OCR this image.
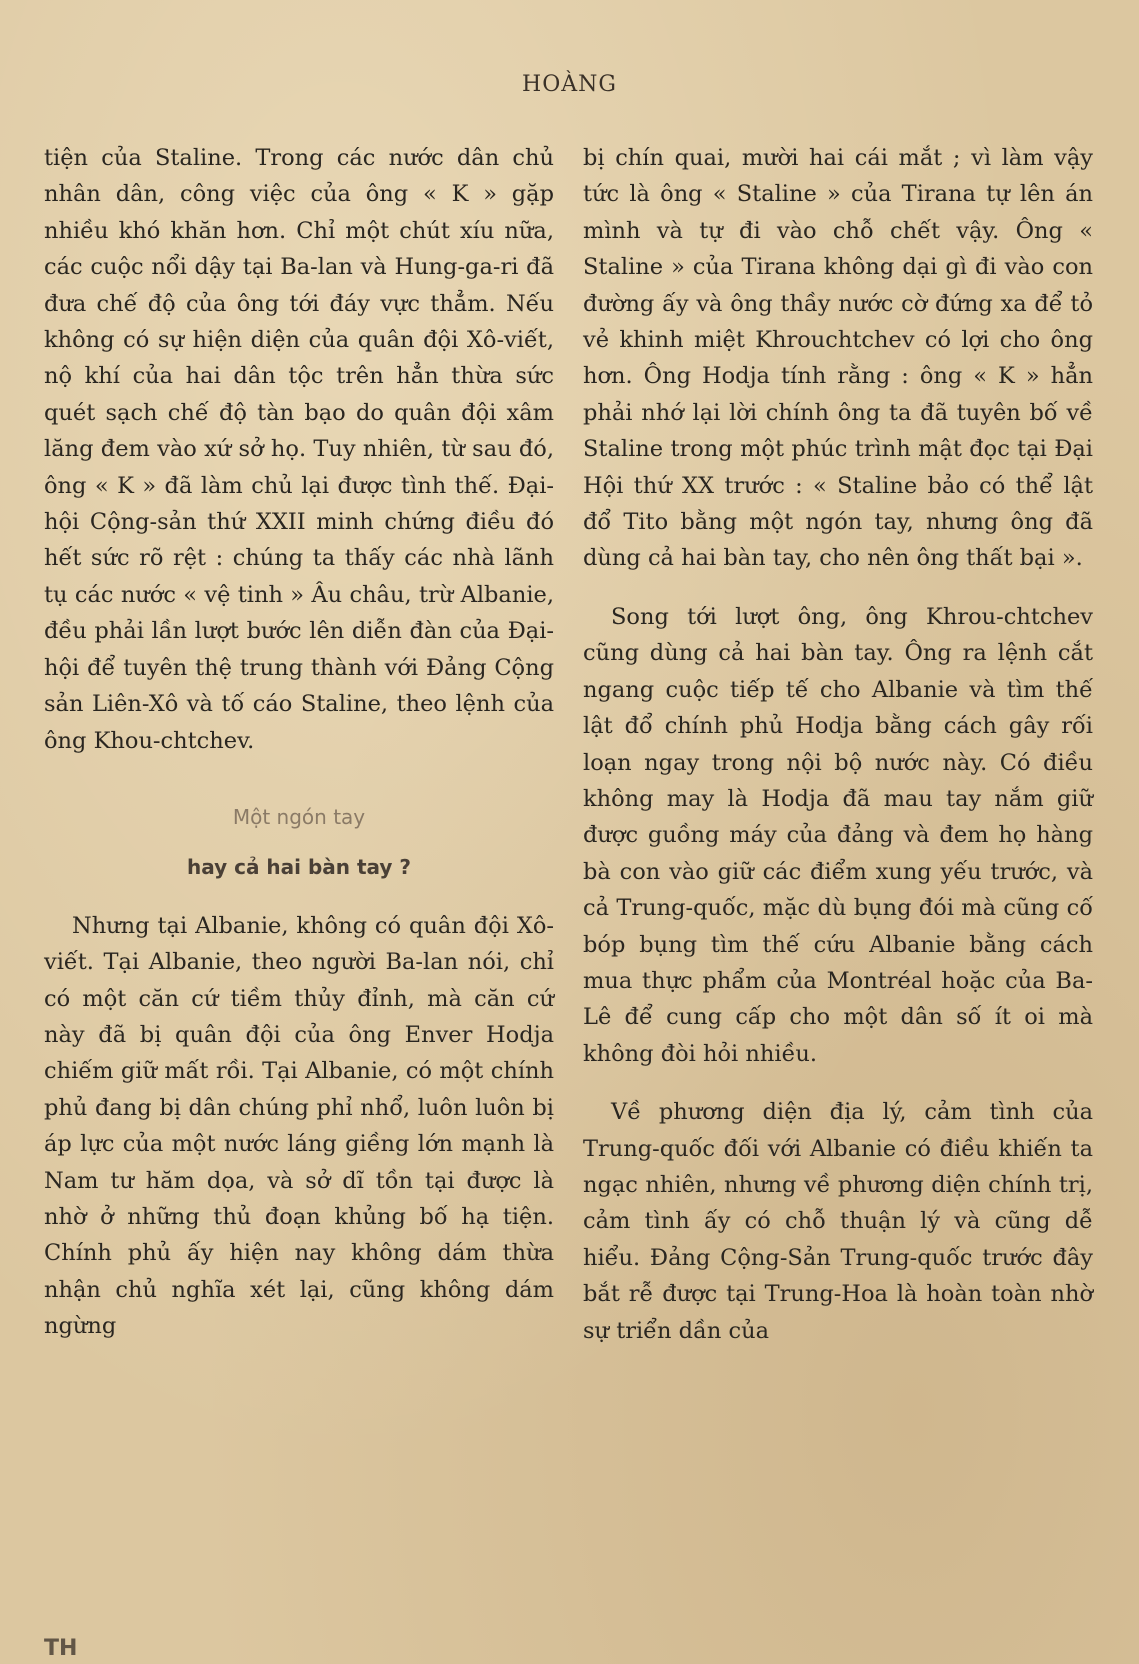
HOÀNG

tiện của Staline. Trong các nước dân chủ nhân dân, công việc của ông « K » gặp nhiều khó khăn hơn. Chỉ một chút xíu nữa, các cuộc nổi dậy tại Ba-lan và Hung-ga-ri đã đưa chế độ của ông tới đáy vực thẳm. Nếu không có sự hiện diện của quân đội Xô-viết, nộ khí của hai dân tộc trên hẳn thừa sức quét sạch chế độ tàn bạo do quân đội xâm lăng đem vào xứ sở họ. Tuy nhiên, từ sau đó, ông « K » đã làm chủ lại được tình thế. Đại-hội Cộng-sản thứ XXII minh chứng điều đó hết sức rõ rệt : chúng ta thấy các nhà lãnh tụ các nước « vệ tinh » Âu châu, trừ Albanie, đều phải lần lượt bước lên diễn đàn của Đại-hội để tuyên thệ trung thành với Đảng Cộng sản Liên-Xô và tố cáo Staline, theo lệnh của ông Khou-chtchev.

Một ngón tay

hay cả hai bàn tay ?

Nhưng tại Albanie, không có quân đội Xô-viết. Tại Albanie, theo người Ba-lan nói, chỉ có một căn cứ tiềm thủy đỉnh, mà căn cứ này đã bị quân đội của ông Enver Hodja chiếm giữ mất rồi. Tại Albanie, có một chính phủ đang bị dân chúng phỉ nhổ, luôn luôn bị áp lực của một nước láng giềng lớn mạnh là Nam tư hăm dọa, và sở dĩ tồn tại được là nhờ ở những thủ đoạn khủng bố hạ tiện. Chính phủ ấy hiện nay không dám thừa nhận chủ nghĩa xét lại, cũng không dám ngừng

bị chín quai, mười hai cái mắt ; vì làm vậy tức là ông « Staline » của Tirana tự lên án mình và tự đi vào chỗ chết vậy. Ông « Staline » của Tirana không dại gì đi vào con đường ấy và ông thầy nước cờ đứng xa để tỏ vẻ khinh miệt Khrouchtchev có lợi cho ông hơn. Ông Hodja tính rằng : ông « K » hẳn phải nhớ lại lời chính ông ta đã tuyên bố về Staline trong một phúc trình mật đọc tại Đại Hội thứ XX trước : « Staline bảo có thể lật đổ Tito bằng một ngón tay, nhưng ông đã dùng cả hai bàn tay, cho nên ông thất bại ».

Song tới lượt ông, ông Khrou-chtchev cũng dùng cả hai bàn tay. Ông ra lệnh cắt ngang cuộc tiếp tế cho Albanie và tìm thế lật đổ chính phủ Hodja bằng cách gây rối loạn ngay trong nội bộ nước này. Có điều không may là Hodja đã mau tay nắm giữ được guồng máy của đảng và đem họ hàng bà con vào giữ các điểm xung yếu trước, và cả Trung-quốc, mặc dù bụng đói mà cũng cố bóp bụng tìm thế cứu Albanie bằng cách mua thực phẩm của Montréal hoặc của Ba-Lê để cung cấp cho một dân số ít oi mà không đòi hỏi nhiều.

Về phương diện địa lý, cảm tình của Trung-quốc đối với Albanie có điều khiến ta ngạc nhiên, nhưng về phương diện chính trị, cảm tình ấy có chỗ thuận lý và cũng dễ hiểu. Đảng Cộng-Sản Trung-quốc trước đây bắt rễ được tại Trung-Hoa là hoàn toàn nhờ sự triển dần của

TH
